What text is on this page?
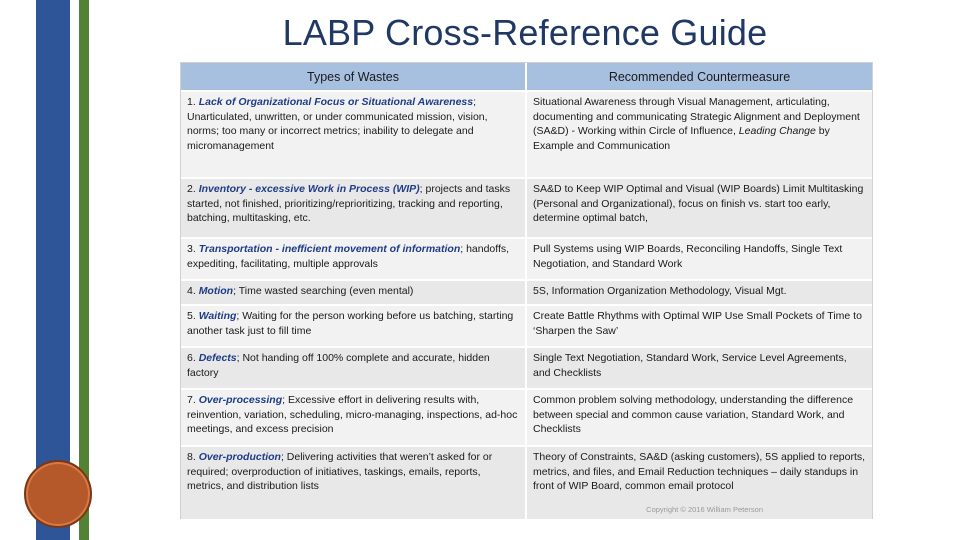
LABP Cross-Reference Guide
Types of Wastes	Recommended Countermeasure
1. Lack of Organizational Focus or Situational Awareness; Unarticulated, unwritten, or under communicated mission, vision, norms; too many or incorrect metrics; inability to delegate and micromanagement
Situational Awareness through Visual Management, articulating, documenting and communicating Strategic Alignment and Deployment (SA&D) - Working within Circle of Influence, Leading Change by Example and Communication
2. Inventory - excessive Work in Process (WIP); projects and tasks started, not finished, prioritizing/reprioritizing, tracking and reporting, batching, multitasking, etc.
SA&D to Keep WIP Optimal and Visual (WIP Boards) Limit Multitasking (Personal and Organizational), focus on finish vs. start too early, determine optimal batch,
3. Transportation - inefficient movement of information; handoffs, expediting, facilitating, multiple approvals
Pull Systems using WIP Boards, Reconciling Handoffs, Single Text Negotiation, and Standard Work
4. Motion; Time wasted searching (even mental)	5S, Information Organization Methodology, Visual Mgt.
5. Waiting; Waiting for the person working before us batching, starting another task just to fill time
Create Battle Rhythms with Optimal WIP Use Small Pockets of Time to ‘Sharpen the Saw’
6. Defects; Not handing off 100% complete and accurate, hidden factory
Single Text Negotiation, Standard Work, Service Level Agreements, and Checklists
7. Over-processing; Excessive effort in delivering results with, reinvention, variation, scheduling, micro-managing, inspections, ad-hoc meetings, and excess precision
Common problem solving methodology, understanding the difference between special and common cause variation, Standard Work, and Checklists
8. Over-production; Delivering activities that weren’t asked for or required; overproduction of initiatives, taskings, emails, reports, metrics, and distribution lists
Theory of Constraints, SA&D (asking customers), 5S applied to reports, metrics, and files, and Email Reduction techniques – daily standups in front of WIP Board, common email protocol
Copyright © 2016 William Peterson
